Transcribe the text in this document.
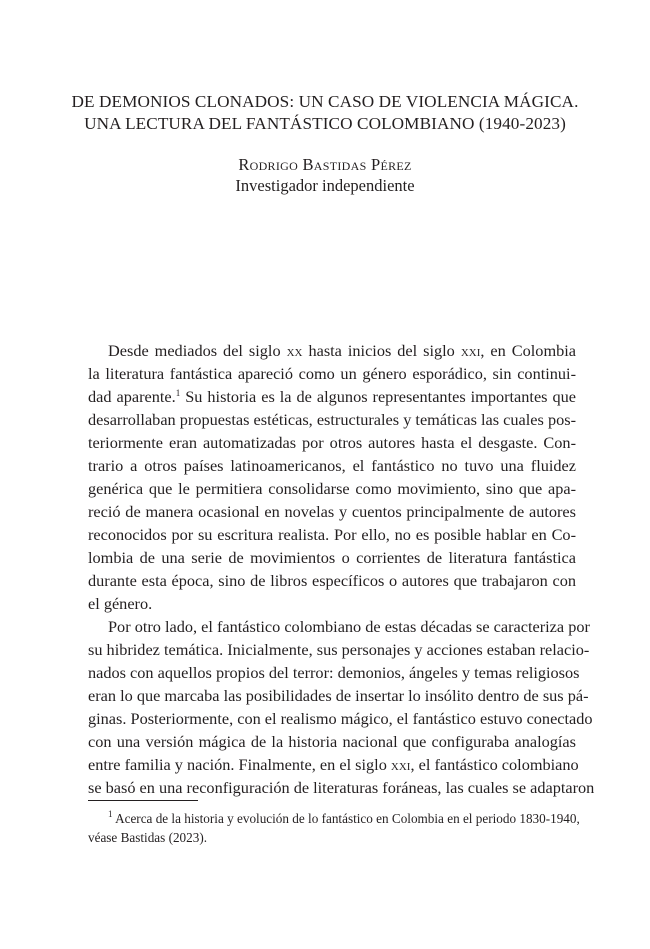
DE DEMONIOS CLONADOS: UN CASO DE VIOLENCIA MÁGICA.
UNA LECTURA DEL FANTÁSTICO COLOMBIANO (1940-2023)
Rodrigo Bastidas Pérez
Investigador independiente
Desde mediados del siglo xx hasta inicios del siglo xxi, en Colombia
la literatura fantástica apareció como un género esporádico, sin continui-
dad aparente.$^1$ Su historia es la de algunos representantes importantes que
desarrollaban propuestas estéticas, estructurales y temáticas las cuales pos-
teriormente eran automatizadas por otros autores hasta el desgaste. Con-
trario a otros países latinoamericanos, el fantástico no tuvo una fluidez
genérica que le permitiera consolidarse como movimiento, sino que apa-
reció de manera ocasional en novelas y cuentos principalmente de autores
reconocidos por su escritura realista. Por ello, no es posible hablar en Co-
lombia de una serie de movimientos o corrientes de literatura fantástica
durante esta época, sino de libros específicos o autores que trabajaron con
el género.
Por otro lado, el fantástico colombiano de estas décadas se caracteriza por
su hibridez temática. Inicialmente, sus personajes y acciones estaban relacio-
nados con aquellos propios del terror: demonios, ángeles y temas religiosos
eran lo que marcaba las posibilidades de insertar lo insólito dentro de sus pá-
ginas. Posteriormente, con el realismo mágico, el fantástico estuvo conectado
con una versión mágica de la historia nacional que configuraba analogías
entre familia y nación. Finalmente, en el siglo xxi, el fantástico colombiano
se basó en una reconfiguración de literaturas foráneas, las cuales se adaptaron
$^1$ Acerca de la historia y evolución de lo fantástico en Colombia en el periodo 1830-1940,
véase Bastidas (2023).
